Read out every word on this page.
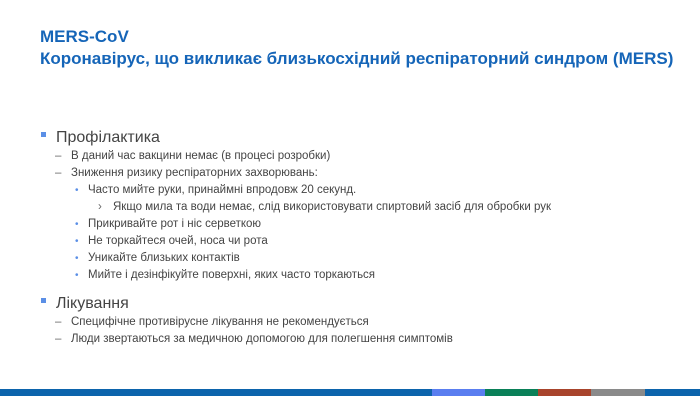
MERS-CoV
Коронавірус, що викликає близькосхідний респіраторний синдром (MERS)
Профілактика
– В даний час вакцини немає (в процесі розробки)
– Зниження ризику респіраторних захворювань:
• Часто мийте руки, принаймні впродовж 20 секунд.
› Якщо мила та води немає, слід використовувати спиртовий засіб для обробки рук
• Прикривайте рот і ніс серветкою
• Не торкайтеся очей, носа чи рота
• Уникайте близьких контактів
• Мийте і дезінфікуйте поверхні, яких часто торкаються
Лікування
– Специфічне противірусне лікування не рекомендується
– Люди звертаються за медичною допомогою для полегшення симптомів
